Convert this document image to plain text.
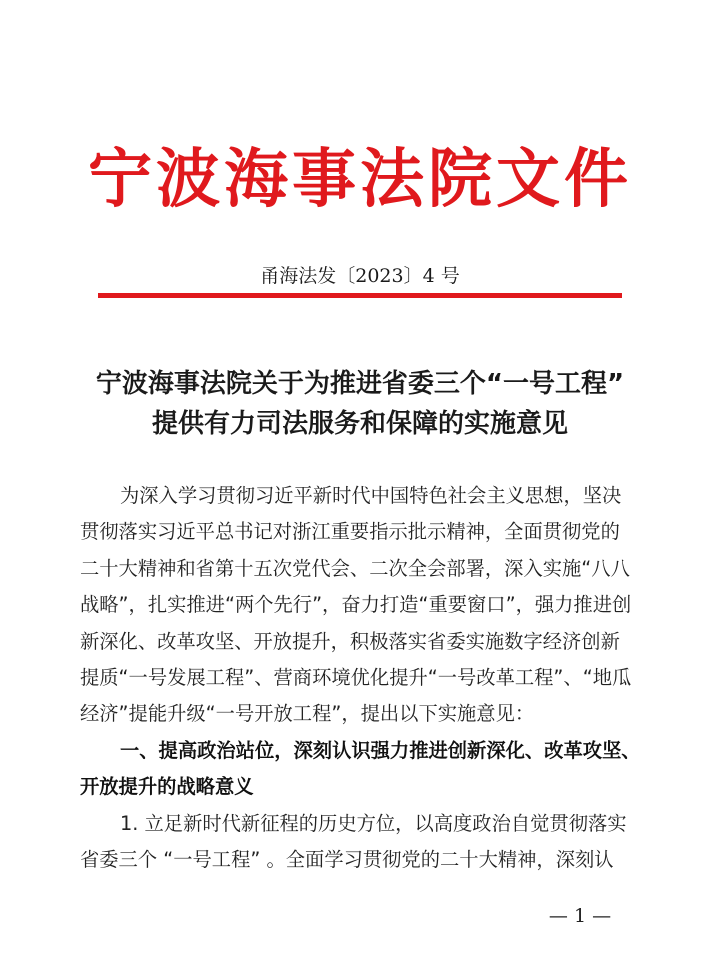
宁波海事法院文件
甬海法发〔2023〕4 号
宁波海事法院关于为推进省委三个“一号工程”
提供有力司法服务和保障的实施意见
为深入学习贯彻习近平新时代中国特色社会主义思想，坚决
贯彻落实习近平总书记对浙江重要指示批示精神，全面贯彻党的
二十大精神和省第十五次党代会、二次全会部署，深入实施“八八
战略”，扎实推进“两个先行”，奋力打造“重要窗口”，强力推进创
新深化、改革攻坚、开放提升，积极落实省委实施数字经济创新
提质“一号发展工程”、营商环境优化提升“一号改革工程”、“地瓜
经济”提能升级“一号开放工程”，提出以下实施意见：
一、提高政治站位，深刻认识强力推进创新深化、改革攻坚、
开放提升的战略意义
1. 立足新时代新征程的历史方位，以高度政治自觉贯彻落实
省委三个 “一号工程” 。全面学习贯彻党的二十大精神，深刻认
— 1 —
